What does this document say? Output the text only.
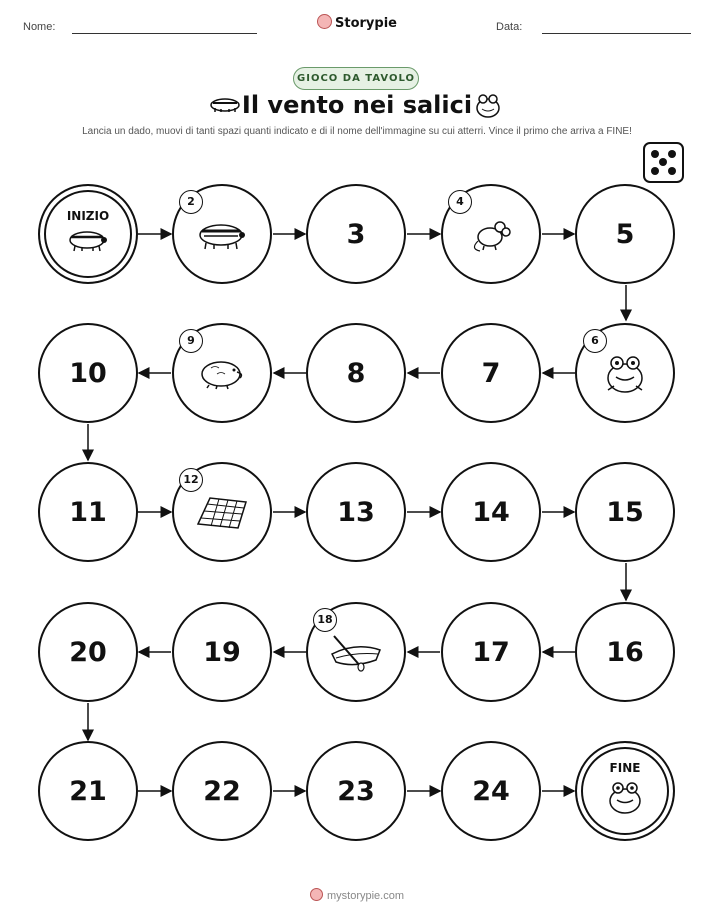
Nome:	Storypie	Data:
GIOCO DA TAVOLO
Il vento nei salici
Lancia un dado, muovi di tanti spazi quanti indicato e di il nome dell'immagine su cui atterri. Vince il primo che arriva a FINE!
INIZIO
2
3
4
5
6
7
8
9
10
11
12
13	14	15
16
17
18
19
20
21	22	23	24
FINE
mystorypie.com
